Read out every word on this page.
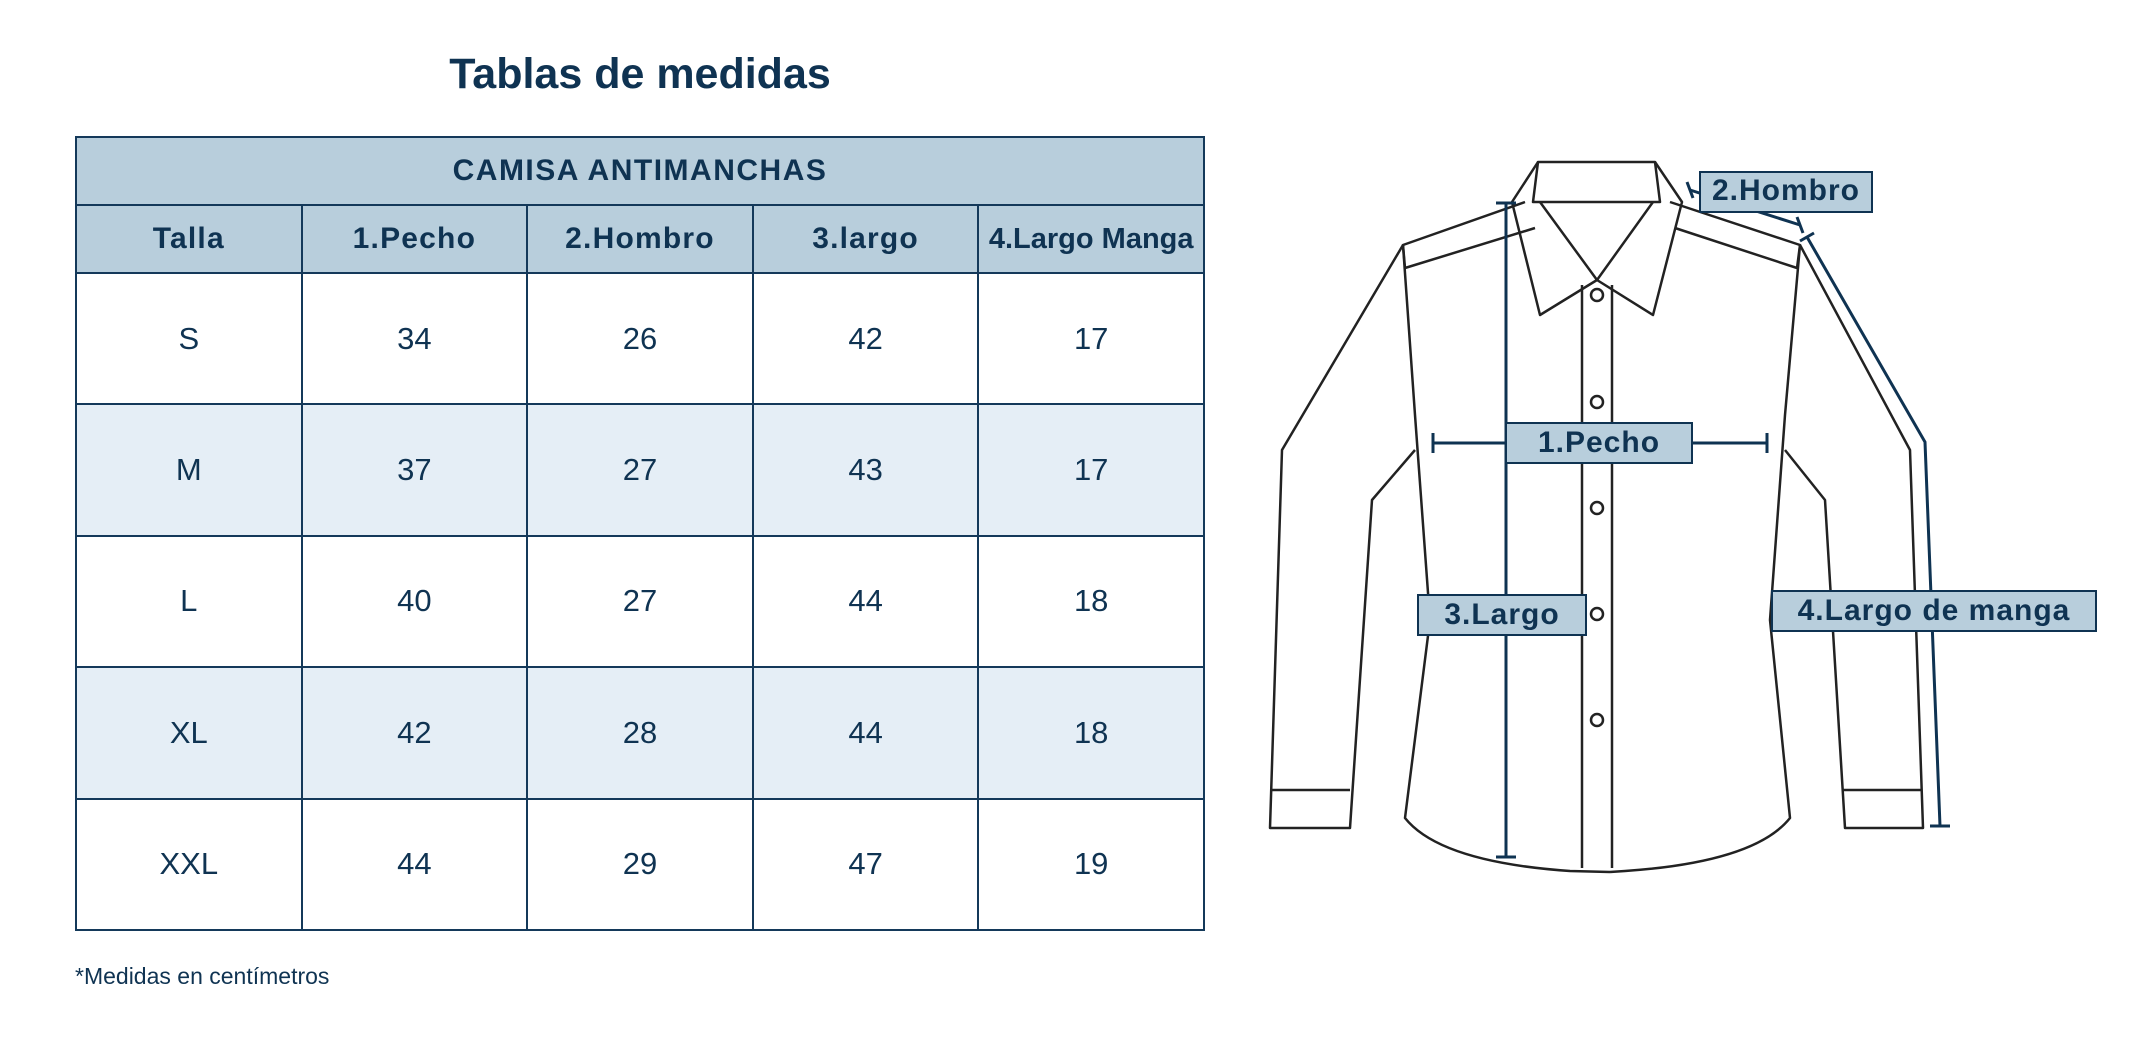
Tablas de medidas
CAMISA ANTIMANCHAS				
Talla	1.Pecho	2.Hombro	3.largo	4.Largo Manga
S	34	26	42	17
M	37	27	43	17
L	40	27	44	18
XL	42	28	44	18
XXL	44	29	47	19
*Medidas en centímetros
2.Hombro
1.Pecho
3.Largo	4.Largo de manga
